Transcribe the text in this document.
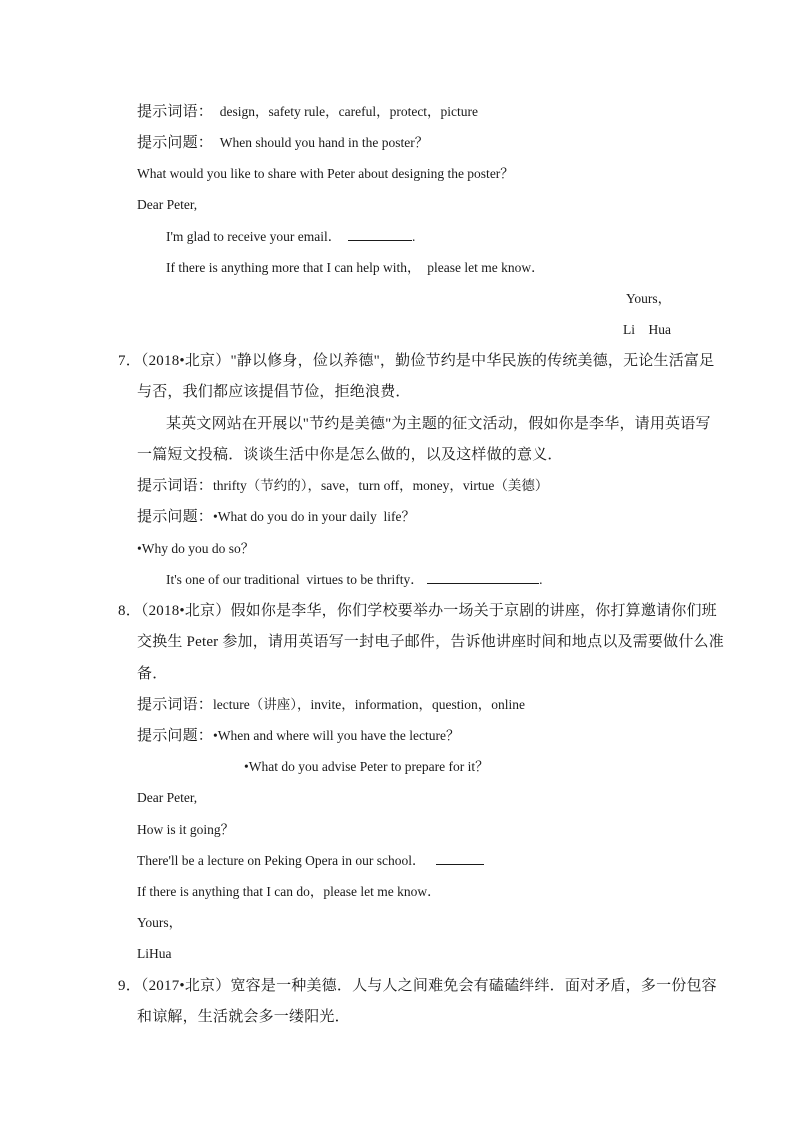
提示词语： design，safety rule，careful，protect，picture
提示问题： When should you hand in the poster？
What would you like to share with Peter about designing the poster？
Dear Peter,
I'm glad to receive your email．	.
If there is anything more that I can help with，  please let me know．
Yours，
Li    Hua
7．（2018•北京）"静以修身，俭以养德"，勤俭节约是中华民族的传统美德，无论生活富足
与否，我们都应该提倡节俭，拒绝浪费．
某英文网站在开展以"节约是美德"为主题的征文活动，假如你是李华，请用英语写
一篇短文投稿．谈谈生活中你是怎么做的，以及这样做的意义．
提示词语：thrifty（节约的），save，turn off，money，virtue（美德）
提示问题：•What do you do in your daily  life？
•Why do you do so？
It's one of our traditional  virtues to be thrifty．	.
8．（2018•北京）假如你是李华，你们学校要举办一场关于京剧的讲座，你打算邀请你们班
交换生 Peter 参加，请用英语写一封电子邮件，告诉他讲座时间和地点以及需要做什么准
备．
提示词语：lecture（讲座），invite，information，question，online
提示问题：•When and where will you have the lecture？
•What do you advise Peter to prepare for it？
Dear Peter,
How is it going？
There'll be a lecture on Peking Opera in our school．
If there is anything that I can do，please let me know．
Yours，
LiHua
9．（2017•北京）宽容是一种美德．人与人之间难免会有磕磕绊绊．面对矛盾，多一份包容
和谅解，生活就会多一缕阳光．
